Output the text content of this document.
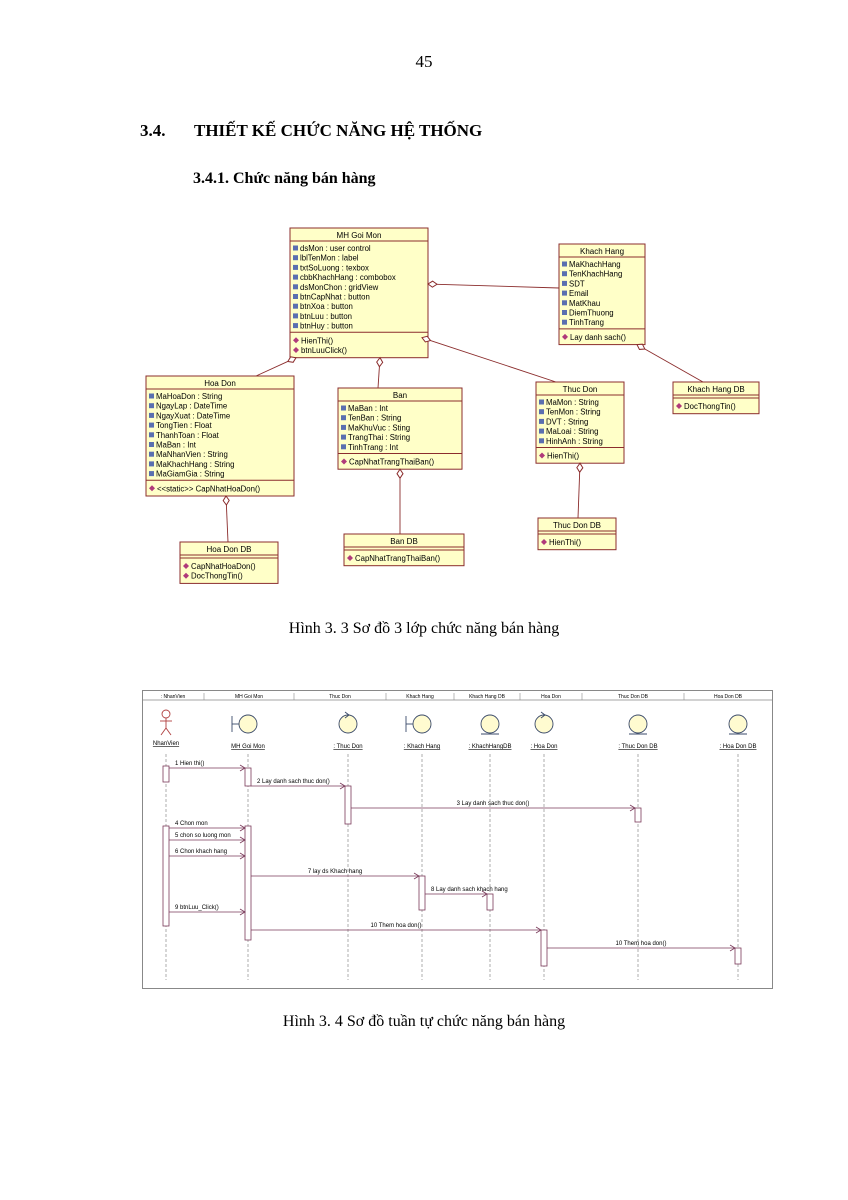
45
3.4. THIẾT KẾ CHỨC NĂNG HỆ THỐNG
3.4.1. Chức năng bán hàng
MH Goi Mon
dsMon : user control
lblTenMon : label
txtSoLuong : texbox
cbbKhachHang : combobox
dsMonChon : gridView
btnCapNhat : button
btnXoa : button
btnLuu : button
btnHuy : button
HienThi()
btnLuuClick()
Khach Hang
MaKhachHang
TenKhachHang
SDT
Email
MatKhau
DiemThuong
TinhTrang
Lay danh sach()
Hoa Don
MaHoaDon : String
NgayLap : DateTime
NgayXuat : DateTime
TongTien : Float
ThanhToan : Float
MaBan : Int
MaNhanVien : String
MaKhachHang : String
MaGiamGia : String
<<static>> CapNhatHoaDon()
Ban
MaBan : Int
TenBan : String
MaKhuVuc : Sting
TrangThai : String
TinhTrang : Int
CapNhatTrangThaiBan()
Thuc Don
MaMon : String
TenMon : String
DVT : String
MaLoai : String
HinhAnh : String
HienThi()
Khach Hang DB
DocThongTin()
Hoa Don DB
CapNhatHoaDon()
DocThongTin()
Ban DB
CapNhatTrangThaiBan()
Thuc Don DB
HienThi()
Hình 3. 3 Sơ đồ 3 lớp chức năng bán hàng
: NhanVien	MH Goi Mon	Thuc Don	Khach Hang	Khach Hang DB	Hoa Don	Thuc Don DB	Hoa Don DB
NhanVien	MH Goi Mon	: Thuc Don	: Khach Hang	: KhachHangDB	: Hoa Don	: Thuc Don DB	: Hoa Don DB
1 Hien thi()
2 Lay danh sach thuc don()
3 Lay danh sach thuc don()
4 Chon mon
5 chon so luong mon
6 Chon khach hang
7 lay ds Khach hang
8 Lay danh sach khach hang
9 btnLuu_Click()
10 Them hoa don()
10 Them hoa don()
Hình 3. 4 Sơ đồ tuần tự chức năng bán hàng
